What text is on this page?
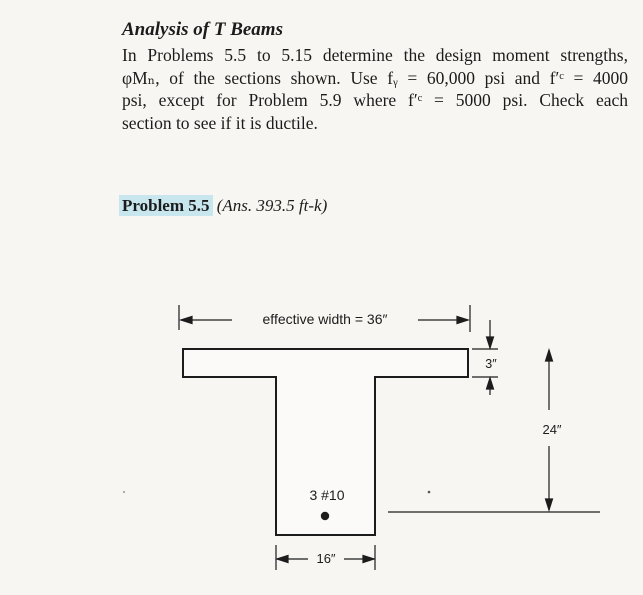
Analysis of T Beams

In Problems 5.5 to 5.15 determine the design moment strengths,
φMₙ, of the sections shown. Use fᵧ = 60,000 psi and f′ᶜ = 4000
psi, except for Problem 5.9 where f′ᶜ = 5000 psi. Check each
section to see if it is ductile.

Problem 5.5 (Ans. 393.5 ft-k)
effective width = 36″
3″
24″
3 #10
16″
